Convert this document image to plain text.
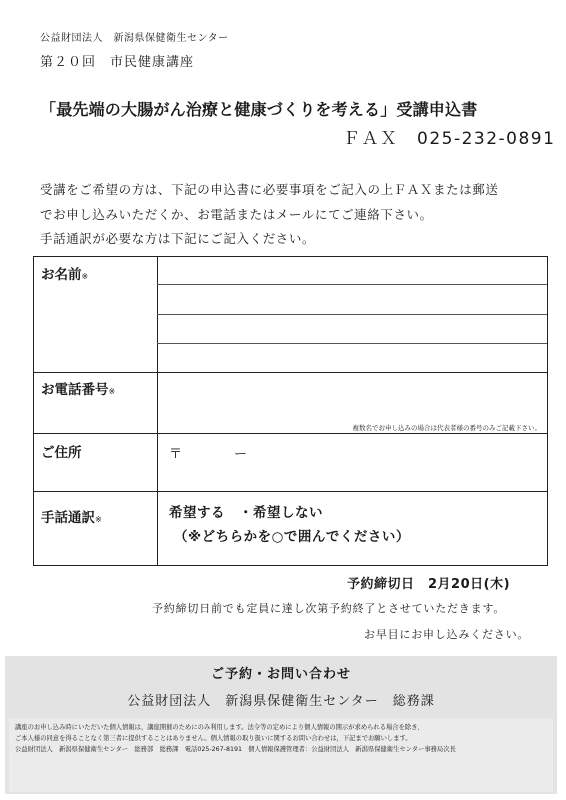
公益財団法人　新潟県保健衛生センター
第２０回　市民健康講座
「最先端の大腸がん治療と健康づくりを考える」受講申込書
ＦＡＸ　025-232-0891
受講をご希望の方は、下記の申込書に必要事項をご記入の上ＦＡＸまたは郵送
でお申し込みいただくか、お電話またはメールにてご連絡下さい。
手話通訳が必要な方は下記にご記入ください。
お名前※
お電話番号※
複数名でお申し込みの場合は代表者様の番号のみご記載下さい。
ご住所	〒	ー
手話通訳※	希望する　・希望しない
（※どちらかを○で囲んでください）
予約締切日　2月20日(木)
予約締切日前でも定員に達し次第予約終了とさせていただきます。
お早目にお申し込みください。
ご予約・お問い合わせ
公益財団法人　新潟県保健衛生センター　総務課
講座のお申し込み時にいただいた個人情報は，講座開催のためにのみ利用します。法令等の定めにより個人情報の開示が求められる場合を除き、
ご本人様の同意を得ることなく第三者に提供することはありません。個人情報の取り扱いに関するお問い合わせは，下記までお願いします。
公益財団法人　新潟県保健衛生センター　総務部　総務課　電話025-267-8191　個人情報保護管理者：公益財団法人　新潟県保健衛生センター事務局次長
